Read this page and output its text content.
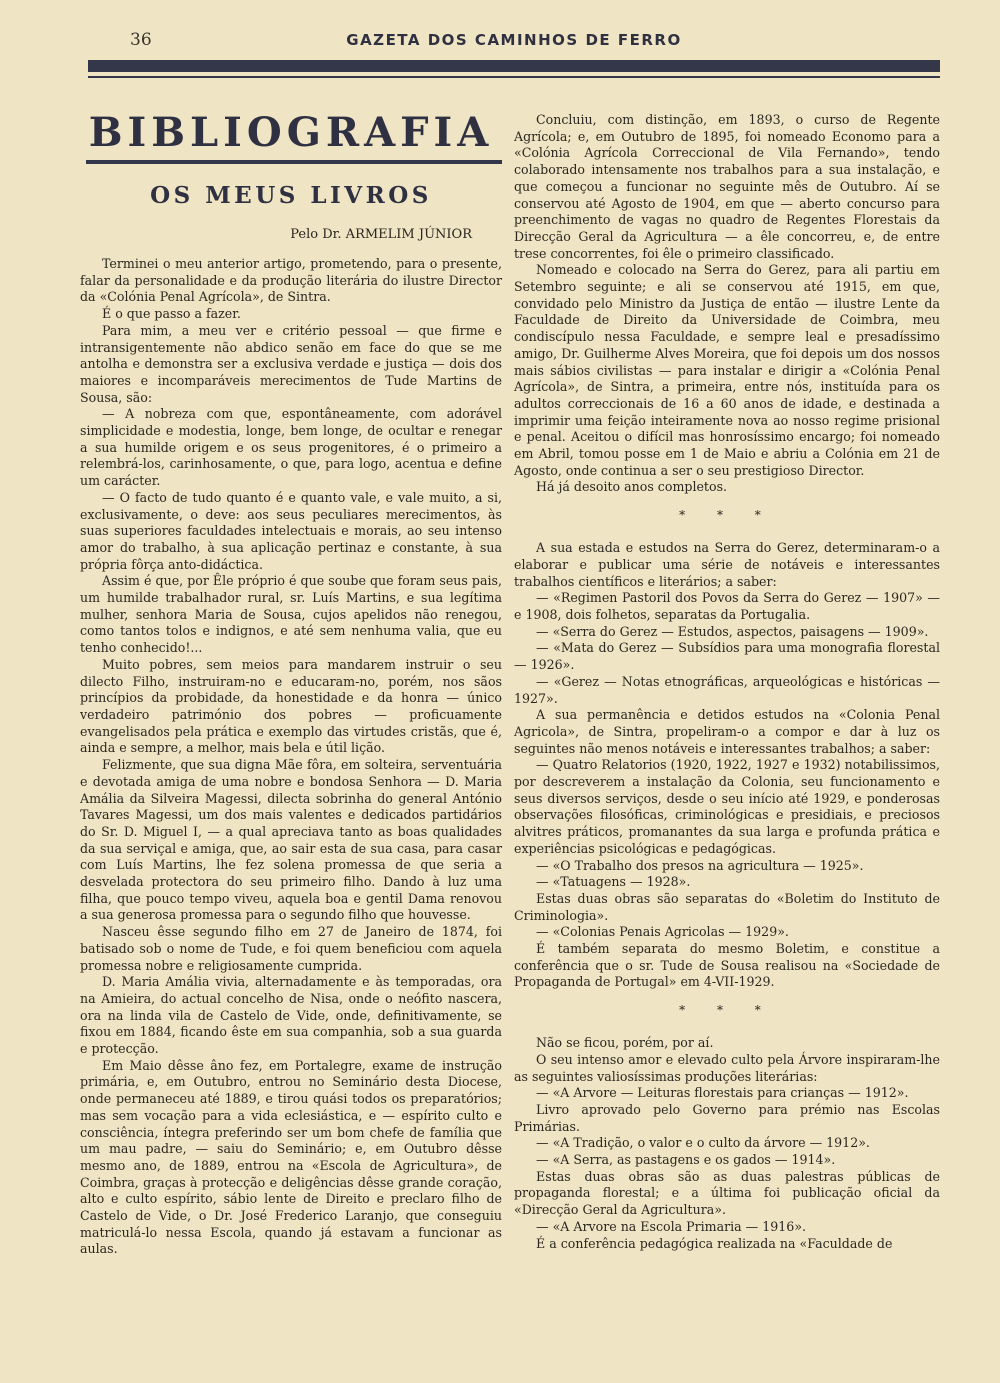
36	GAZETA DOS CAMINHOS DE FERRO
BIBLIOGRAFIA
OS MEUS LIVROS
Pelo Dr. ARMELIM JÚNIOR

Terminei o meu anterior artigo, prometendo, para o presente, falar da personalidade e da produção literária do ilustre Director da «Colónia Penal Agrícola», de Sintra.

É o que passo a fazer.

Para mim, a meu ver e critério pessoal — que firme e intransigentemente não abdico senão em face do que se me antolha e demonstra ser a exclusiva verdade e justiça — dois dos maiores e incomparáveis merecimentos de Tude Martins de Sousa, são:

— A nobreza com que, espontâneamente, com adorável simplicidade e modestia, longe, bem longe, de ocultar e renegar a sua humilde origem e os seus progenitores, é o primeiro a relembrá-los, carinhosamente, o que, para logo, acentua e define um carácter.

— O facto de tudo quanto é e quanto vale, e vale muito, a si, exclusivamente, o deve: aos seus peculiares merecimentos, às suas superiores faculdades intelectuais e morais, ao seu intenso amor do trabalho, à sua aplicação pertinaz e constante, à sua própria fôrça anto-didáctica.

Assim é que, por Êle próprio é que soube que foram seus pais, um humilde trabalhador rural, sr. Luís Martins, e sua legítima mulher, senhora Maria de Sousa, cujos apelidos não renegou, como tantos tolos e indignos, e até sem nenhuma valia, que eu tenho conhecido!...

Muito pobres, sem meios para mandarem instruir o seu dilecto Filho, instruiram-no e educaram-no, porém, nos sãos princípios da probidade, da honestidade e da honra — único verdadeiro património dos pobres — proficuamente evangelisados pela prática e exemplo das virtudes cristãs, que é, ainda e sempre, a melhor, mais bela e útil lição.

Felizmente, que sua digna Mãe fôra, em solteira, serventuária e devotada amiga de uma nobre e bondosa Senhora — D. Maria Amália da Silveira Magessi, dilecta sobrinha do general António Tavares Magessi, um dos mais valentes e dedicados partidários do Sr. D. Miguel I, — a qual apreciava tanto as boas qualidades da sua serviçal e amiga, que, ao sair esta de sua casa, para casar com Luís Martins, lhe fez solena promessa de que seria a desvelada protectora do seu primeiro filho. Dando à luz uma filha, que pouco tempo viveu, aquela boa e gentil Dama renovou a sua generosa promessa para o segundo filho que houvesse.

Nasceu êsse segundo filho em 27 de Janeiro de 1874, foi batisado sob o nome de Tude, e foi quem beneficiou com aquela promessa nobre e religiosamente cumprida.

D. Maria Amália vivia, alternadamente e às temporadas, ora na Amieira, do actual concelho de Nisa, onde o neófito nascera, ora na linda vila de Castelo de Vide, onde, definitivamente, se fixou em 1884, ficando êste em sua companhia, sob a sua guarda e protecção.

Em Maio dêsse âno fez, em Portalegre, exame de instrução primária, e, em Outubro, entrou no Seminário desta Diocese, onde permaneceu até 1889, e tirou quási todos os preparatórios; mas sem vocação para a vida eclesiástica, e — espírito culto e consciência, íntegra preferindo ser um bom chefe de família que um mau padre, — saiu do Seminário; e, em Outubro dêsse mesmo ano, de 1889, entrou na «Escola de Agricultura», de Coimbra, graças à protecção e deligências dêsse grande coração, alto e culto espírito, sábio lente de Direito e preclaro filho de Castelo de Vide, o Dr. José Frederico Laranjo, que conseguiu matriculá-lo nessa Escola, quando já estavam a funcionar as aulas.

Concluiu, com distinção, em 1893, o curso de Regente Agrícola; e, em Outubro de 1895, foi nomeado Economo para a «Colónia Agrícola Correccional de Vila Fernando», tendo colaborado intensamente nos trabalhos para a sua instalação, e que começou a funcionar no seguinte mês de Outubro. Aí se conservou até Agosto de 1904, em que — aberto concurso para preenchimento de vagas no quadro de Regentes Florestais da Direcção Geral da Agricultura — a êle concorreu, e, de entre trese concorrentes, foi êle o primeiro classificado.

Nomeado e colocado na Serra do Gerez, para ali partiu em Setembro seguinte; e ali se conservou até 1915, em que, convidado pelo Ministro da Justiça de então — ilustre Lente da Faculdade de Direito da Universidade de Coimbra, meu condiscípulo nessa Faculdade, e sempre leal e presadíssimo amigo, Dr. Guilherme Alves Moreira, que foi depois um dos nossos mais sábios civilistas — para instalar e dirigir a «Colónia Penal Agrícola», de Sintra, a primeira, entre nós, instituída para os adultos correccionais de 16 a 60 anos de idade, e destinada a imprimir uma feição inteiramente nova ao nosso regime prisional e penal. Aceitou o difícil mas honrosíssimo encargo; foi nomeado em Abril, tomou posse em 1 de Maio e abriu a Colónia em 21 de Agosto, onde continua a ser o seu prestigioso Director.

Há já desoito anos completos.

* * *

A sua estada e estudos na Serra do Gerez, determinaram-o a elaborar e publicar uma série de notáveis e interessantes trabalhos científicos e literários; a saber:

— «Regimen Pastoril dos Povos da Serra do Gerez — 1907» — e 1908, dois folhetos, separatas da Portugalia.

— «Serra do Gerez — Estudos, aspectos, paisagens — 1909».

— «Mata do Gerez — Subsídios para uma monografia florestal — 1926».

— «Gerez — Notas etnográficas, arqueológicas e históricas — 1927».

A sua permanência e detidos estudos na «Colonia Penal Agricola», de Sintra, propeliram-o a compor e dar à luz os seguintes não menos notáveis e interessantes trabalhos; a saber:

— Quatro Relatorios (1920, 1922, 1927 e 1932) notabilissimos, por descreverem a instalação da Colonia, seu funcionamento e seus diversos serviços, desde o seu início até 1929, e ponderosas observações filosóficas, criminológicas e presidiais, e preciosos alvitres práticos, promanantes da sua larga e profunda prática e experiências psicológicas e pedagógicas.

— «O Trabalho dos presos na agricultura — 1925».

— «Tatuagens — 1928».

Estas duas obras são separatas do «Boletim do Instituto de Criminologia».

— «Colonias Penais Agricolas — 1929».

É também separata do mesmo Boletim, e constitue a conferência que o sr. Tude de Sousa realisou na «Sociedade de Propaganda de Portugal» em 4-VII-1929.

* * *

Não se ficou, porém, por aí.

O seu intenso amor e elevado culto pela Árvore inspiraram-lhe as seguintes valiosíssimas produções literárias:

— «A Arvore — Leituras florestais para crianças — 1912».

Livro aprovado pelo Governo para prémio nas Escolas Primárias.

— «A Tradição, o valor e o culto da árvore — 1912».

— «A Serra, as pastagens e os gados — 1914».

Estas duas obras são as duas palestras públicas de propaganda florestal; e a última foi publicação oficial da «Direcção Geral da Agricultura».

— «A Arvore na Escola Primaria — 1916».

É a conferência pedagógica realizada na «Faculdade de
